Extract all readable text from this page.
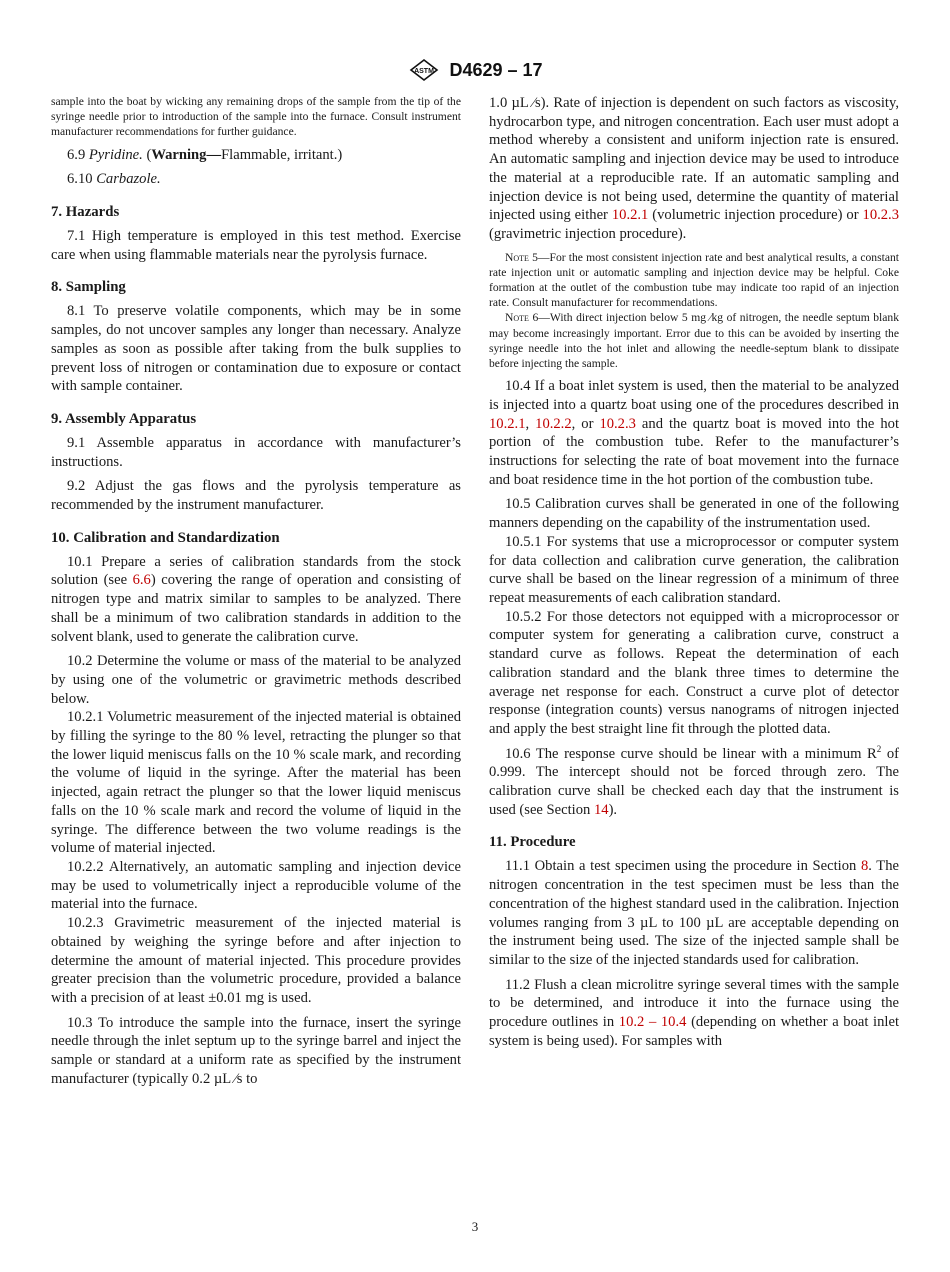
ASTM D4629 – 17

sample into the boat by wicking any remaining drops of the sample from the tip of the syringe needle prior to introduction of the sample into the furnace. Consult instrument manufacturer recommendations for further guidance.

6.9 Pyridine. (Warning—Flammable, irritant.)

6.10 Carbazole.

7. Hazards

7.1 High temperature is employed in this test method. Exercise care when using flammable materials near the pyrolysis furnace.

8. Sampling

8.1 To preserve volatile components, which may be in some samples, do not uncover samples any longer than necessary. Analyze samples as soon as possible after taking from the bulk supplies to prevent loss of nitrogen or contamination due to exposure or contact with sample container.

9. Assembly Apparatus

9.1 Assemble apparatus in accordance with manufacturer’s instructions.

9.2 Adjust the gas flows and the pyrolysis temperature as recommended by the instrument manufacturer.

10. Calibration and Standardization

10.1 Prepare a series of calibration standards from the stock solution (see 6.6) covering the range of operation and consisting of nitrogen type and matrix similar to samples to be analyzed. There shall be a minimum of two calibration standards in addition to the solvent blank, used to generate the calibration curve.

10.2 Determine the volume or mass of the material to be analyzed by using one of the volumetric or gravimetric methods described below.

10.2.1 Volumetric measurement of the injected material is obtained by filling the syringe to the 80 % level, retracting the plunger so that the lower liquid meniscus falls on the 10 % scale mark, and recording the volume of liquid in the syringe. After the material has been injected, again retract the plunger so that the lower liquid meniscus falls on the 10 % scale mark and record the volume of liquid in the syringe. The difference between the two volume readings is the volume of material injected.

10.2.2 Alternatively, an automatic sampling and injection device may be used to volumetrically inject a reproducible volume of the material into the furnace.

10.2.3 Gravimetric measurement of the injected material is obtained by weighing the syringe before and after injection to determine the amount of material injected. This procedure provides greater precision than the volumetric procedure, provided a balance with a precision of at least ±0.01 mg is used.

10.3 To introduce the sample into the furnace, insert the syringe needle through the inlet septum up to the syringe barrel and inject the sample or standard at a uniform rate as specified by the instrument manufacturer (typically 0.2 µL ⁄s to

1.0 µL ⁄s). Rate of injection is dependent on such factors as viscosity, hydrocarbon type, and nitrogen concentration. Each user must adopt a method whereby a consistent and uniform injection rate is ensured. An automatic sampling and injection device may be used to introduce the material at a reproducible rate. If an automatic sampling and injection device is not being used, determine the quantity of material injected using either 10.2.1 (volumetric injection procedure) or 10.2.3 (gravimetric injection procedure).

Note 5—For the most consistent injection rate and best analytical results, a constant rate injection unit or automatic sampling and injection device may be helpful. Coke formation at the outlet of the combustion tube may indicate too rapid of an injection rate. Consult manufacturer for recommendations.

Note 6—With direct injection below 5 mg ⁄kg of nitrogen, the needle septum blank may become increasingly important. Error due to this can be avoided by inserting the syringe needle into the hot inlet and allowing the needle-septum blank to dissipate before injecting the sample.

10.4 If a boat inlet system is used, then the material to be analyzed is injected into a quartz boat using one of the procedures described in 10.2.1, 10.2.2, or 10.2.3 and the quartz boat is moved into the hot portion of the combustion tube. Refer to the manufacturer’s instructions for selecting the rate of boat movement into the furnace and boat residence time in the hot portion of the combustion tube.

10.5 Calibration curves shall be generated in one of the following manners depending on the capability of the instrumentation used.

10.5.1 For systems that use a microprocessor or computer system for data collection and calibration curve generation, the calibration curve shall be based on the linear regression of a minimum of three repeat measurements of each calibration standard.

10.5.2 For those detectors not equipped with a microprocessor or computer system for generating a calibration curve, construct a standard curve as follows. Repeat the determination of each calibration standard and the blank three times to determine the average net response for each. Construct a curve plot of detector response (integration counts) versus nanograms of nitrogen injected and apply the best straight line fit through the plotted data.

10.6 The response curve should be linear with a minimum $R^2$ of 0.999. The intercept should not be forced through zero. The calibration curve shall be checked each day that the instrument is used (see Section 14).

11. Procedure

11.1 Obtain a test specimen using the procedure in Section 8. The nitrogen concentration in the test specimen must be less than the concentration of the highest standard used in the calibration. Injection volumes ranging from 3 µL to 100 µL are acceptable depending on the instrument being used. The size of the injected sample shall be similar to the size of the injected standards used for calibration.

11.2 Flush a clean microlitre syringe several times with the sample to be determined, and introduce it into the furnace using the procedure outlines in 10.2 – 10.4 (depending on whether a boat inlet system is being used). For samples with

3
